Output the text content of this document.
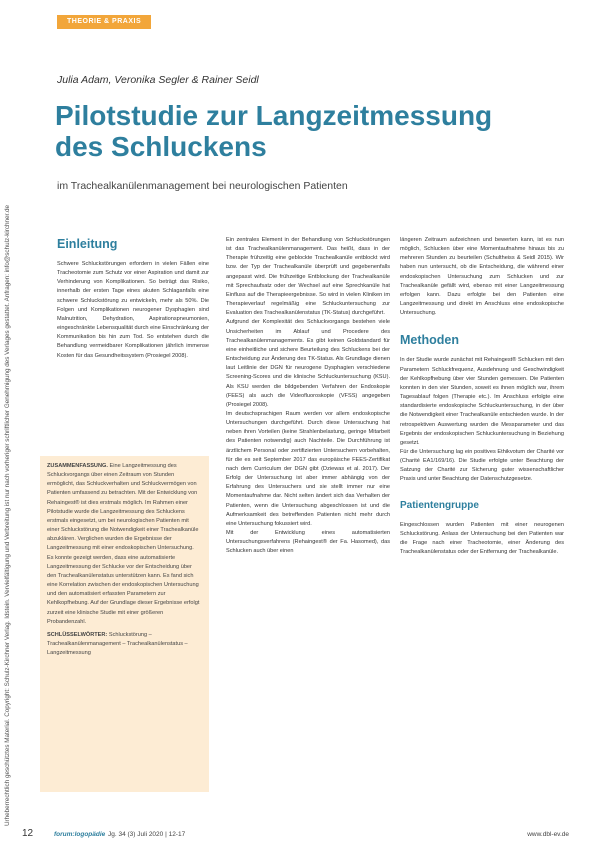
Urheberrechtlich geschütztes Material. Copyright: Schulz-Kirchner Verlag. Idstein. Vervielfältigung und Verbreitung ist nur nach vorheriger schriftlicher Genehmigung des Verlages gestattet. Anfragen: info@schulz-kirchner.de
THEORIE & PRAXIS
Julia Adam, Veronika Segler & Rainer Seidl
Pilotstudie zur Langzeitmessung des Schluckens
im Trachealkanülenmanagement bei neurologischen Patienten
Einleitung

Schwere Schluckstörungen erfordern in vielen Fällen eine Tracheotomie zum Schutz vor einer Aspiration und damit zur Verhinderung von Komplikationen. So beträgt das Risiko, innerhalb der ersten Tage eines akuten Schlaganfalls eine schwere Schluckstörung zu entwickeln, mehr als 50%. Die Folgen und Komplikationen neurogener Dysphagien sind Malnutrition, Dehydration, Aspirationspneumonien, eingeschränkte Lebensqualität durch eine Einschränkung der Kommunikation bis hin zum Tod. So entstehen durch die Behandlung vermeidbarer Komplikationen jährlich immense Kosten für das Gesundheitssystem (Prosiegel 2008).

ZUSAMMENFASSUNG. Eine Langzeitmessung des Schluckvorgangs über einen Zeitraum von Stunden ermöglicht, das Schluckverhalten und Schluckvermögen von Patienten umfassend zu betrachten. Mit der Entwicklung von Rehaingest® ist dies erstmals möglich. Im Rahmen einer Pilotstudie wurde die Langzeitmessung des Schluckens erstmals eingesetzt, um bei neurologischen Patienten mit einer Schluckstörung die Notwendigkeit einer Trachealkanüle abzuklären. Verglichen wurden die Ergebnisse der Langzeitmessung mit einer endoskopischen Untersuchung. Es konnte gezeigt werden, dass eine automatisierte Langzeitmessung der Schlucke vor der Entscheidung über den Trachealkanülenstatus unterstützen kann. Es fand sich eine Korrelation zwischen der endoskopischen Untersuchung und den automatisiert erfassten Parametern zur Kehlkopfhebung. Auf der Grundlage dieser Ergebnisse erfolgt zurzeit eine klinische Studie mit einer größeren Probandenzahl.

SCHLÜSSELWÖRTER: Schluckstörung – Trachealkanülenmanagement – Trachealkanülenstatus – Langzeitmessung

Ein zentrales Element in der Behandlung von Schluckstörungen ist das Trachealkanülenmanagement. Das heißt, dass in der Therapie frühzeitig eine geblockte Trachealkanüle entblockt wird bzw. der Typ der Trachealkanüle überprüft und gegebenenfalls angepasst wird. Die frühzeitige Entblockung der Trachealkanüle mit Sprechaufsatz oder der Wechsel auf eine Sprechkanüle hat Einfluss auf die Therapieergebnisse. So wird in vielen Kliniken im Therapieverlauf regelmäßig eine Schluckuntersuchung zur Evaluation des Trachealkanülenstatus (TK-Status) durchgeführt.

Aufgrund der Komplexität des Schluckvorgangs bestehen viele Unsicherheiten im Ablauf und Procedere des Trachealkanülenmanagements. Es gibt keinen Goldstandard für eine einheitliche und sichere Beurteilung des Schluckens bei der Entscheidung zur Änderung des TK-Status. Als Grundlage dienen laut Leitlinie der DGN für neurogene Dysphagien verschiedene Screening-Scores und die klinische Schluckuntersuchung (KSU). Als KSU werden die bildgebenden Verfahren der Endoskopie (FEES) als auch die Videofluoroskopie (VFSS) angegeben (Prosiegel 2008).

Im deutschsprachigen Raum werden vor allem endoskopische Untersuchungen durchgeführt. Durch diese Untersuchung hat neben ihren Vorteilen (keine Strahlenbelastung, geringe Mitarbeit des Patienten notwendig) auch Nachteile. Die Durchführung ist ärztlichem Personal oder zertifizierten Untersuchern vorbehalten, für die es seit September 2017 das europäische FEES-Zertifikat nach dem Curriculum der DGN gibt (Dziewas et al. 2017). Der Erfolg der Untersuchung ist aber immer abhängig von der Erfahrung des Untersuchers und sie stellt immer nur eine Momentaufnahme dar. Nicht selten ändert sich das Verhalten der Patienten, wenn die Untersuchung abgeschlossen ist und die Aufmerksamkeit des betreffenden Patienten nicht mehr durch eine Untersuchung fokussiert wird.

Mit der Entwicklung eines automatisierten Untersuchungsverfahrens (Rehaingest® der Fa. Hasomed), das Schlucken auch über einen

längeren Zeitraum aufzeichnen und bewerten kann, ist es nun möglich, Schlucken über eine Momentaufnahme hinaus bis zu mehreren Stunden zu beurteilen (Schultheiss & Seidl 2015). Wir haben nun untersucht, ob die Entscheidung, die während einer endoskopischen Untersuchung zum Schlucken und zur Trachealkanüle gefällt wird, ebenso mit einer Langzeitmessung erfolgen kann. Dazu erfolgte bei den Patienten eine Langzeitmessung und direkt im Anschluss eine endoskopische Untersuchung.

Methoden

In der Studie wurde zunächst mit Rehaingest® Schlucken mit den Parametern Schluckfrequenz, Ausdehnung und Geschwindigkeit der Kehlkopfhebung über vier Stunden gemessen. Die Patienten konnten in den vier Stunden, soweit es ihnen möglich war, ihrem Tagesablauf folgen (Therapie etc.). Im Anschluss erfolgte eine standardisierte endoskopische Schluckuntersuchung, in der über die Notwendigkeit einer Trachealkanüle entschieden wurde. In der retrospektiven Auswertung wurden die Messparameter und das Ergebnis der endoskopischen Schluckuntersuchung in Beziehung gesetzt.

Für die Untersuchung lag ein positives Ethikvotum der Charité vor (Charité EA1/169/16). Die Studie erfolgte unter Beachtung der Satzung der Charité zur Sicherung guter wissenschaftlicher Praxis und unter Beachtung der Datenschutzgesetze.

Patientengruppe

Eingeschlossen wurden Patienten mit einer neurogenen Schluckstörung. Anlass der Untersuchung bei den Patienten war die Frage nach einer Tracheotomie, einer Änderung des Trachealkanülenstatus oder der Entfernung der Trachealkanüle.

12	forum:logopädie Jg. 34 (3) Juli 2020 | 12-17	www.dbl-ev.de
